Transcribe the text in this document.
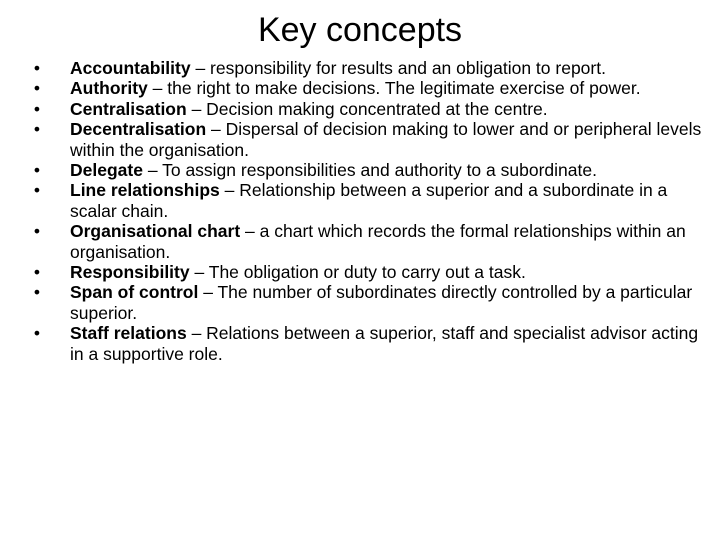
Key concepts
• Accountability – responsibility for results and an obligation to report.
• Authority – the right to make decisions. The legitimate exercise of power.
• Centralisation – Decision making concentrated at the centre.
• Decentralisation – Dispersal of decision making to lower and or peripheral levels within the organisation.
• Delegate – To assign responsibilities and authority to a subordinate.
• Line relationships – Relationship between a superior and a subordinate in a scalar chain.
• Organisational chart – a chart which records the formal relationships within an organisation.
• Responsibility – The obligation or duty to carry out a task.
• Span of control – The number of subordinates directly controlled by a particular superior.
• Staff relations – Relations between a superior, staff and specialist advisor acting in a supportive role.
